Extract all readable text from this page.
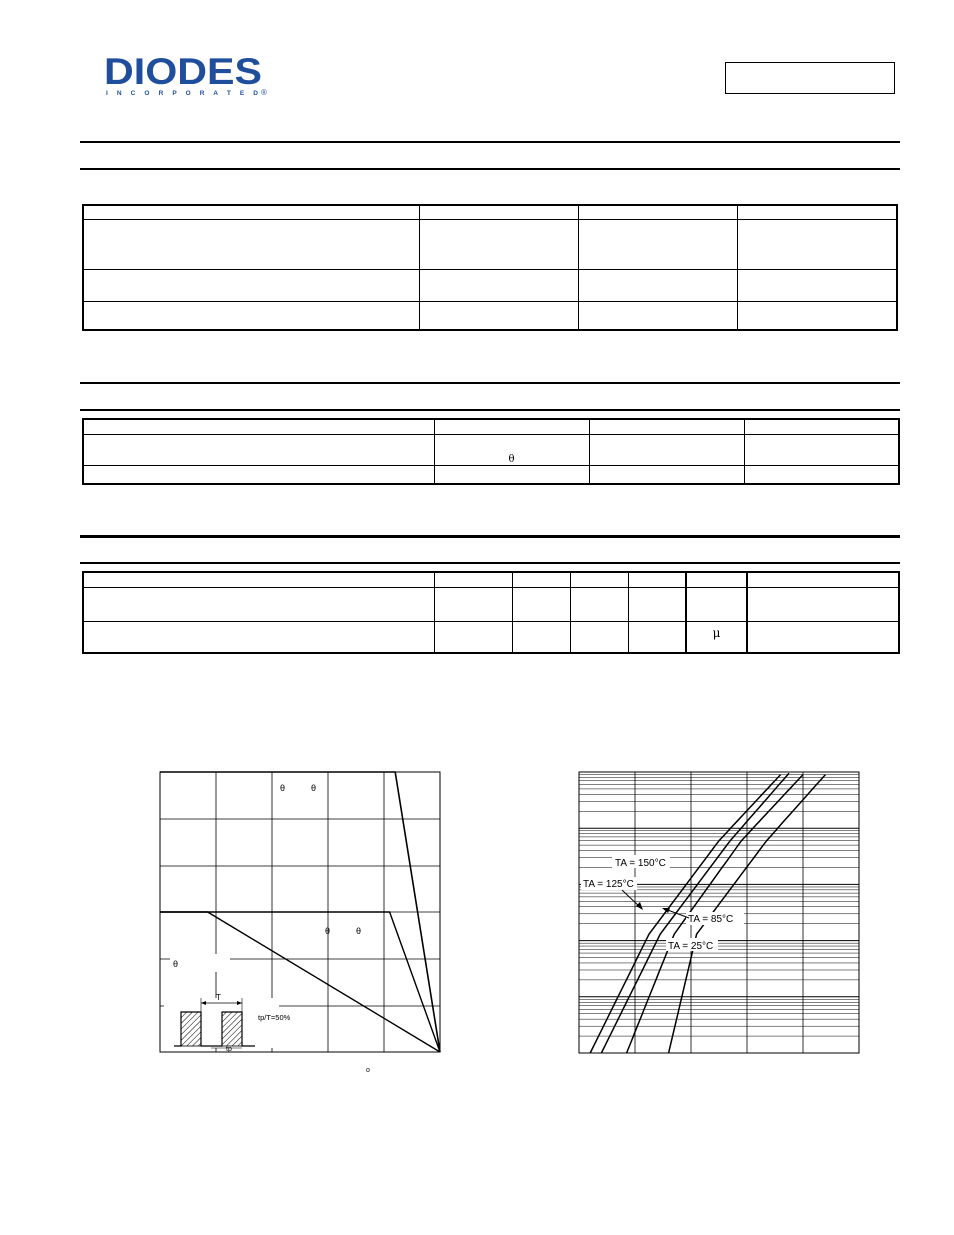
DIODES
I N C O R P O R A T E D ®

	θ		

					μ	
θ	θ
θ	θ
θ
T
tp
tp/T=50%
o
TA = 150°C
TA = 125°C
TA = 85°C
TA = 25°C
